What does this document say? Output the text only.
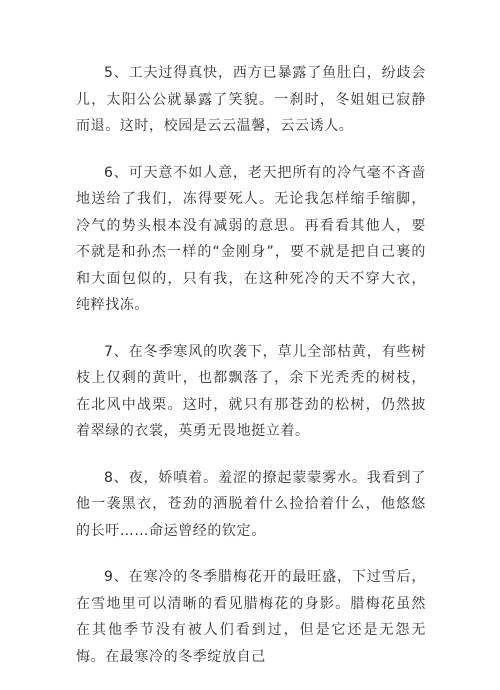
5、工夫过得真快，西方已暴露了鱼肚白，纷歧会儿，太阳公公就暴露了笑貌。一刹时，冬姐姐已寂静而退。这时，校园是云云温馨，云云诱人。

6、可天意不如人意，老天把所有的冷气毫不吝啬地送给了我们，冻得要死人。无论我怎样缩手缩脚，冷气的势头根本没有减弱的意思。再看看其他人，要不就是和孙杰一样的“金刚身”，要不就是把自己裹的和大面包似的，只有我，在这种死冷的天不穿大衣，纯粹找冻。

7、在冬季寒风的吹袭下，草儿全部枯黄，有些树枝上仅剩的黄叶，也都飘落了，余下光秃秃的树枝，在北风中战栗。这时，就只有那苍劲的松树，仍然披着翠绿的衣裳，英勇无畏地挺立着。

8、夜，娇嗔着。羞涩的撩起蒙蒙雾水。我看到了他一袭黑衣，苍劲的洒脱着什么捡拾着什么，他悠悠的长吁……命运曾经的钦定。

9、在寒冷的冬季腊梅花开的最旺盛，下过雪后，在雪地里可以清晰的看见腊梅花的身影。腊梅花虽然在其他季节没有被人们看到过，但是它还是无怨无悔。在最寒冷的冬季绽放自己
